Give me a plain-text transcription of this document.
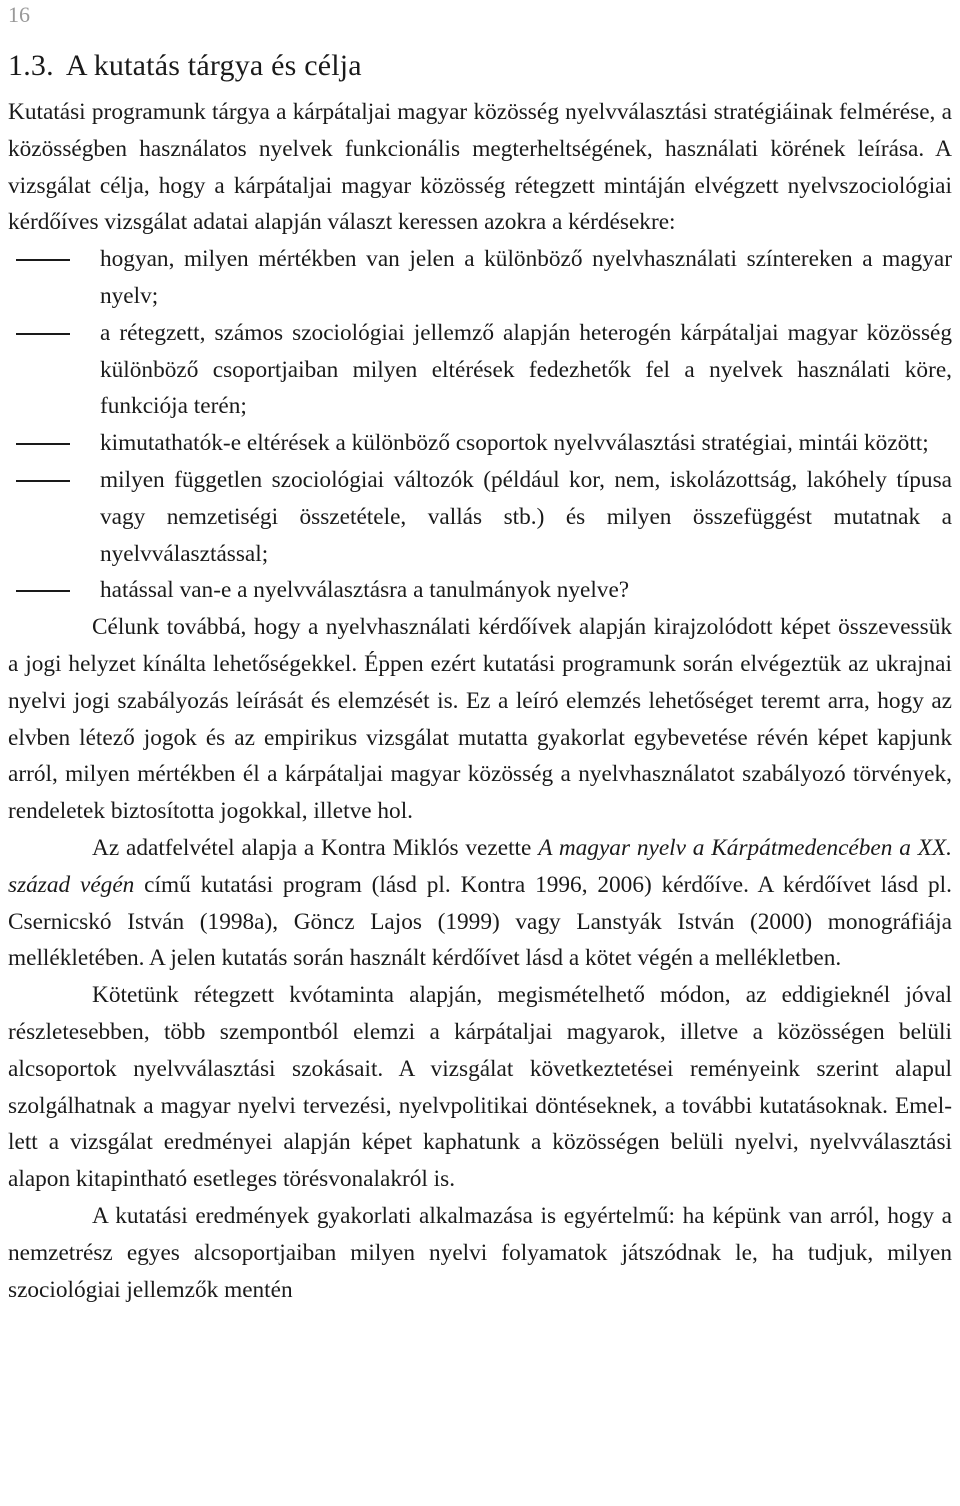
16
1.3. A kutatás tárgya és célja

Kutatási programunk tárgya a kárpátaljai magyar közösség nyelvválasztási stratégiáinak felmérése, a közösségben használatos nyelvek funkcionális megterheltségének, használati körének leírása. A vizsgálat célja, hogy a kárpátaljai magyar közösség rétegzett mintáján elvégzett nyelvszociológiai kérdőíves vizsgálat adatai alapján választ keressen azokra a kérdésekre:

hogyan, milyen mértékben van jelen a különböző nyelvhasználati színtereken a magyar nyelv;
a rétegzett, számos szociológiai jellemző alapján heterogén kárpátaljai magyar közösség különböző csoportjaiban milyen eltérések fedezhetők fel a nyelvek használati köre, funkciója terén;
kimutathatók-e eltérések a különböző csoportok nyelvválasztási stratégiai, mintái között;
milyen független szociológiai változók (például kor, nem, iskolázottság, lakóhely típusa vagy nemzetiségi összetétele, vallás stb.) és milyen összefüggést mutatnak a nyelvválasztással;
hatással van-e a nyelvválasztásra a tanulmányok nyelve?

Célunk továbbá, hogy a nyelvhasználati kérdőívek alapján kirajzolódott képet összevessük a jogi helyzet kínálta lehetőségekkel. Éppen ezért kutatási programunk során elvégeztük az ukrajnai nyelvi jogi szabályozás leírását és elemzését is. Ez a leíró elemzés lehetőséget teremt arra, hogy az elvben létező jogok és az empirikus vizsgálat mutatta gyakorlat egybevetése révén képet kapjunk arról, milyen mértékben él a kárpátaljai magyar közösség a nyelvhasználatot szabályozó törvények, rendeletek biztosította jogokkal, illetve hol.

Az adatfelvétel alapja a Kontra Miklós vezette A magyar nyelv a Kárpátmedencében a XX. század végén című kutatási program (lásd pl. Kontra 1996, 2006) kérdőíve. A kérdőívet lásd pl. Csernicskó István (1998a), Göncz Lajos (1999) vagy Lanstyák István (2000) monográfiája mellékletében. A jelen kutatás során használt kérdőívet lásd a kötet végén a mellékletben.

Kötetünk rétegzett kvótaminta alapján, megismételhető módon, az eddigieknél jóval részletesebben, több szempontból elemzi a kárpátaljai magyarok, illetve a közösségen belüli alcsoportok nyelvválasztási szokásait. A vizsgálat következtetései reményeink szerint alapul szolgálhatnak a magyar nyelvi tervezési, nyelvpolitikai döntéseknek, a további kutatásoknak. Emellett a vizsgálat eredményei alapján képet kaphatunk a közösségen belüli nyelvi, nyelvválasztási alapon kitapintható esetleges törésvonalakról is.

A kutatási eredmények gyakorlati alkalmazása is egyértelmű: ha képünk van arról, hogy a nemzetrész egyes alcsoportjaiban milyen nyelvi folyamatok játszódnak le, ha tudjuk, milyen szociológiai jellemzők mentén
